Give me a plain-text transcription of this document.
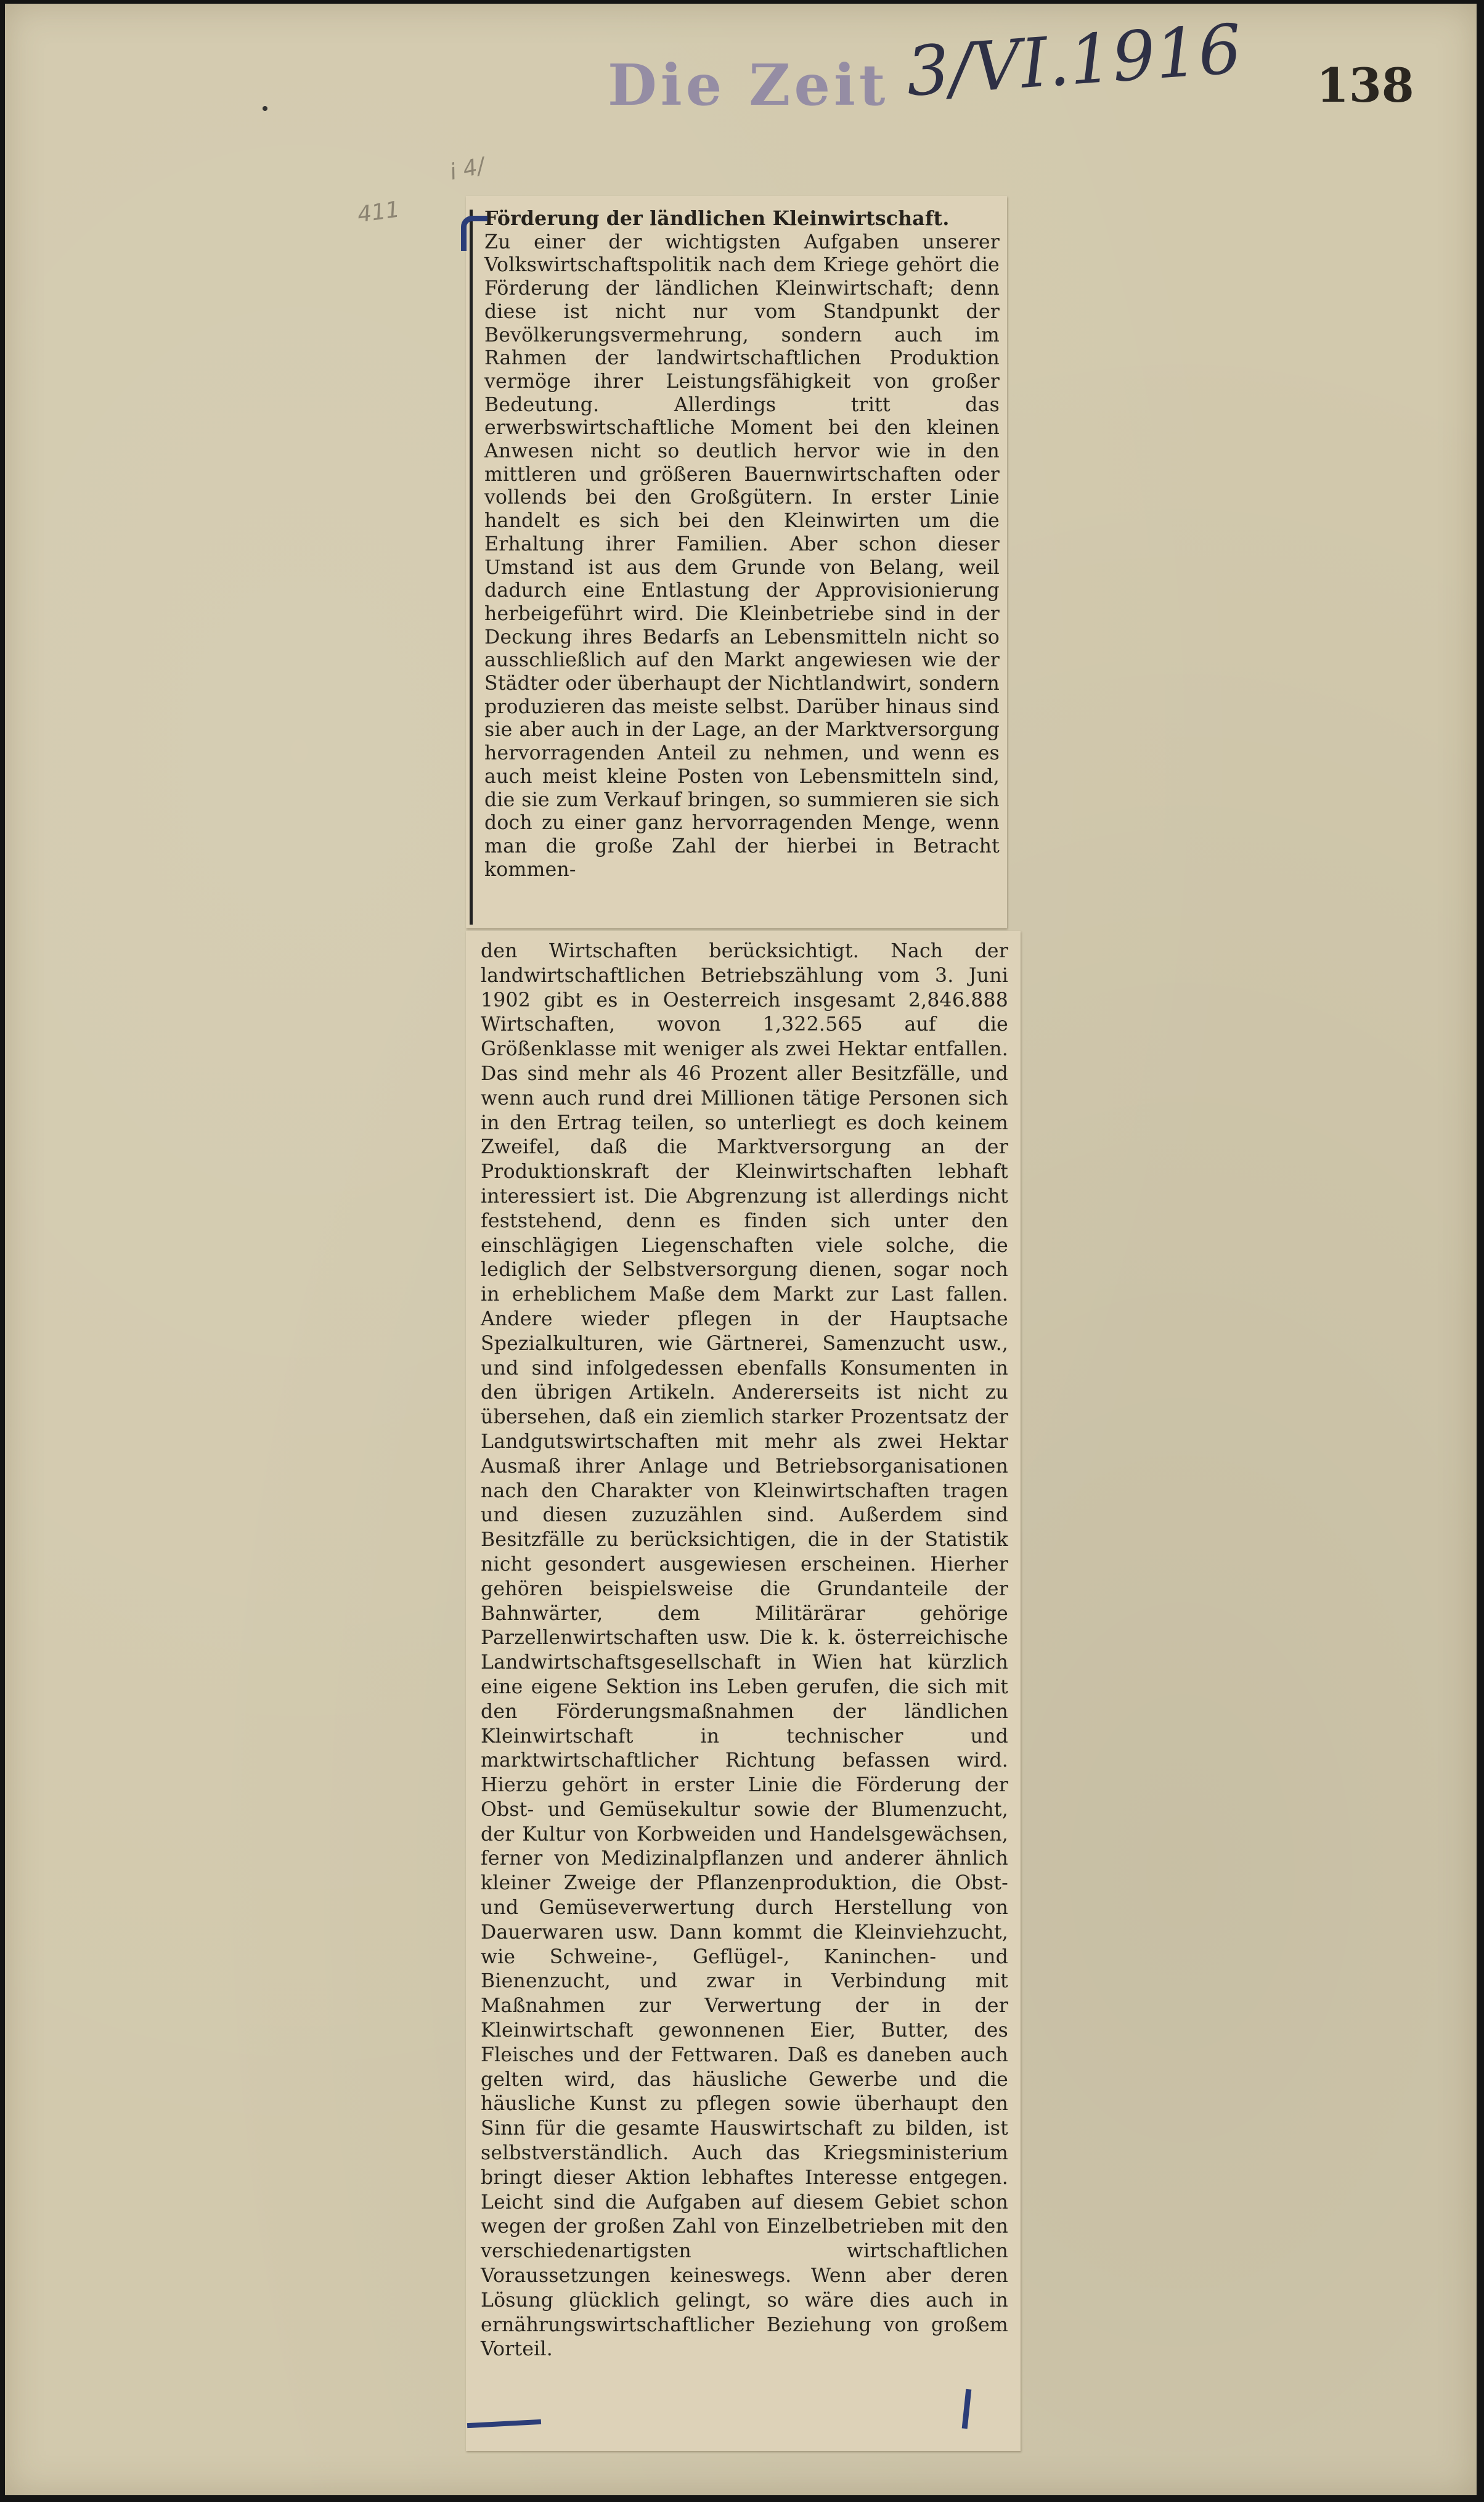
Die Zeit 3/VI.1916 138
411
i 4/

Förderung der ländlichen Kleinwirtschaft.
Zu einer der wichtigsten Aufgaben unserer Volkswirtschaftspolitik nach dem Kriege gehört die Förderung der ländlichen Kleinwirtschaft; denn diese ist nicht nur vom Standpunkt der Bevölkerungsvermehrung, sondern auch im Rahmen der landwirtschaftlichen Produktion vermöge ihrer Leistungsfähigkeit von großer Bedeutung. Allerdings tritt das erwerbswirtschaftliche Moment bei den kleinen Anwesen nicht so deutlich hervor wie in den mittleren und größeren Bauernwirtschaften oder vollends bei den Großgütern. In erster Linie handelt es sich bei den Kleinwirten um die Erhaltung ihrer Familien. Aber schon dieser Umstand ist aus dem Grunde von Belang, weil dadurch eine Entlastung der Approvisionierung herbeigeführt wird. Die Kleinbetriebe sind in der Deckung ihres Bedarfs an Lebensmitteln nicht so ausschließlich auf den Markt angewiesen wie der Städter oder überhaupt der Nichtlandwirt, sondern produzieren das meiste selbst. Darüber hinaus sind sie aber auch in der Lage, an der Marktversorgung hervorragenden Anteil zu nehmen, und wenn es auch meist kleine Posten von Lebensmitteln sind, die sie zum Verkauf bringen, so summieren sie sich doch zu einer ganz hervorragenden Menge, wenn man die große Zahl der hierbei in Betracht kommen-

den Wirtschaften berücksichtigt. Nach der landwirtschaftlichen Betriebszählung vom 3. Juni 1902 gibt es in Oesterreich insgesamt 2,846.888 Wirtschaften, wovon 1,322.565 auf die Größenklasse mit weniger als zwei Hektar entfallen. Das sind mehr als 46 Prozent aller Besitzfälle, und wenn auch rund drei Millionen tätige Personen sich in den Ertrag teilen, so unterliegt es doch keinem Zweifel, daß die Marktversorgung an der Produktionskraft der Kleinwirtschaften lebhaft interessiert ist. Die Abgrenzung ist allerdings nicht feststehend, denn es finden sich unter den einschlägigen Liegenschaften viele solche, die lediglich der Selbstversorgung dienen, sogar noch in erheblichem Maße dem Markt zur Last fallen. Andere wieder pflegen in der Hauptsache Spezialkulturen, wie Gärtnerei, Samenzucht usw., und sind infolgedessen ebenfalls Konsumenten in den übrigen Artikeln. Andererseits ist nicht zu übersehen, daß ein ziemlich starker Prozentsatz der Landgutswirtschaften mit mehr als zwei Hektar Ausmaß ihrer Anlage und Betriebsorganisationen nach den Charakter von Kleinwirtschaften tragen und diesen zuzuzählen sind. Außerdem sind Besitzfälle zu berücksichtigen, die in der Statistik nicht gesondert ausgewiesen erscheinen. Hierher gehören beispielsweise die Grundanteile der Bahnwärter, dem Militärärar gehörige Parzellenwirtschaften usw. Die k. k. österreichische Landwirtschaftsgesellschaft in Wien hat kürzlich eine eigene Sektion ins Leben gerufen, die sich mit den Förderungsmaßnahmen der ländlichen Kleinwirtschaft in technischer und marktwirtschaftlicher Richtung befassen wird. Hierzu gehört in erster Linie die Förderung der Obst- und Gemüsekultur sowie der Blumenzucht, der Kultur von Korbweiden und Handelsgewächsen, ferner von Medizinalpflanzen und anderer ähnlich kleiner Zweige der Pflanzenproduktion, die Obst- und Gemüseverwertung durch Herstellung von Dauerwaren usw. Dann kommt die Kleinviehzucht, wie Schweine-, Geflügel-, Kaninchen- und Bienenzucht, und zwar in Verbindung mit Maßnahmen zur Verwertung der in der Kleinwirtschaft gewonnenen Eier, Butter, des Fleisches und der Fettwaren. Daß es daneben auch gelten wird, das häusliche Gewerbe und die häusliche Kunst zu pflegen sowie überhaupt den Sinn für die gesamte Hauswirtschaft zu bilden, ist selbstverständlich. Auch das Kriegsministerium bringt dieser Aktion lebhaftes Interesse entgegen. Leicht sind die Aufgaben auf diesem Gebiet schon wegen der großen Zahl von Einzelbetrieben mit den verschiedenartigsten wirtschaftlichen Voraussetzungen keineswegs. Wenn aber deren Lösung glücklich gelingt, so wäre dies auch in ernährungswirtschaftlicher Beziehung von großem Vorteil.
